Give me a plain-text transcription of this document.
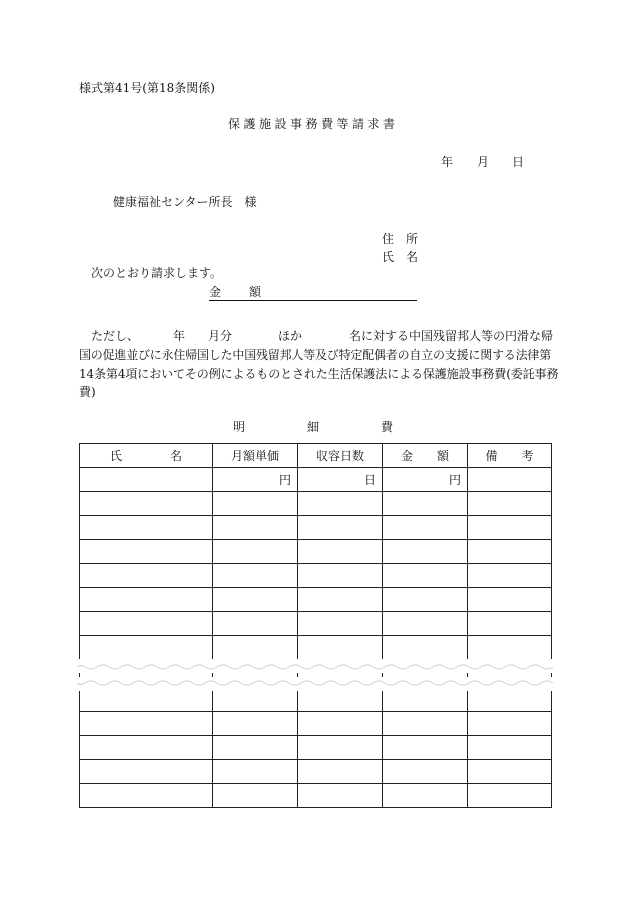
様式第41号(第18条関係)
保護施設事務費等請求書
年 月 日
健康福祉センター所長　様
住　所
氏　名
次のとおり請求します。
金　額
ただし、	年 月分	ほか	名に対する中国残留邦人等の円滑な帰
国の促進並びに永住帰国した中国残留邦人等及び特定配偶者の自立の支援に関する法律第
14条第4項においてその例によるものとされた生活保護法による保護施設事務費(委託事務
費)
明	細	費
氏　　　　名	月額単価	収容日数	金　　額	備　　考
	円	日	円	
